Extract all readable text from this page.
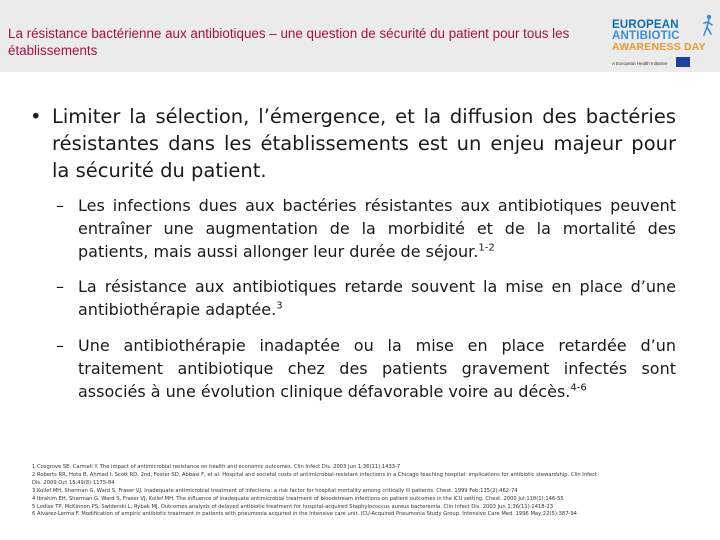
La résistance bactérienne aux antibiotiques – une question de sécurité du patient pour tous les établissements
EUROPEAN
ANTIBIOTIC
AWARENESS DAY
A European Health Initiative
• Limiter la sélection, l’émergence, et la diffusion des bactéries résistantes dans les établissements est un enjeu majeur pour la sécurité du patient.
– Les infections dues aux bactéries résistantes aux antibiotiques peuvent entraîner une augmentation de la morbidité et de la mortalité des patients, mais aussi allonger leur durée de séjour.$^{1-2}$
– La résistance aux antibiotiques retarde souvent la mise en place d’une antibiothérapie adaptée.$^3$
– Une antibiothérapie inadaptée ou la mise en place retardée d’un traitement antibiotique chez des patients gravement infectés sont associés à une évolution clinique défavorable voire au décès.$^{4-6}$
1 Cosgrove SE, Carmeli Y. The impact of antimicrobial resistance on health and economic outcomes. Clin Infect Dis. 2003 Jun 1;36(11):1433-7
2 Roberts RR, Hota B, Ahmad I, Scott RD, 2nd, Foster SD, Abbasi F, et al. Hospital and societal costs of antimicrobial-resistant infections in a Chicago teaching hospital: implications for antibiotic stewardship. Clin Infect
Dis. 2009 Oct 15;49(8):1175-84
3 Kollef MH, Sherman G, Ward S, Fraser VJ. Inadequate antimicrobial treatment of infections: a risk factor for hospital mortality among critically ill patients. Chest. 1999 Feb;115(2):462-74
4 Ibrahim EH, Sherman G, Ward S, Fraser VJ, Kollef MH. The influence of inadequate antimicrobial treatment of bloodstream infections on patient outcomes in the ICU setting. Chest. 2000 Jul;118(1):146-55
5 Lodise TP, McKinnon PS, Swiderski L, Rybak MJ. Outcomes analysis of delayed antibiotic treatment for hospital-acquired Staphylococcus aureus bacteremia. Clin Infect Dis. 2003 Jun 1;36(11):1418-23
6 Alvarez-Lerma F. Modification of empiric antibiotic treatment in patients with pneumonia acquired in the intensive care unit. ICU-Acquired Pneumonia Study Group. Intensive Care Med. 1996 May;22(5):387-94
